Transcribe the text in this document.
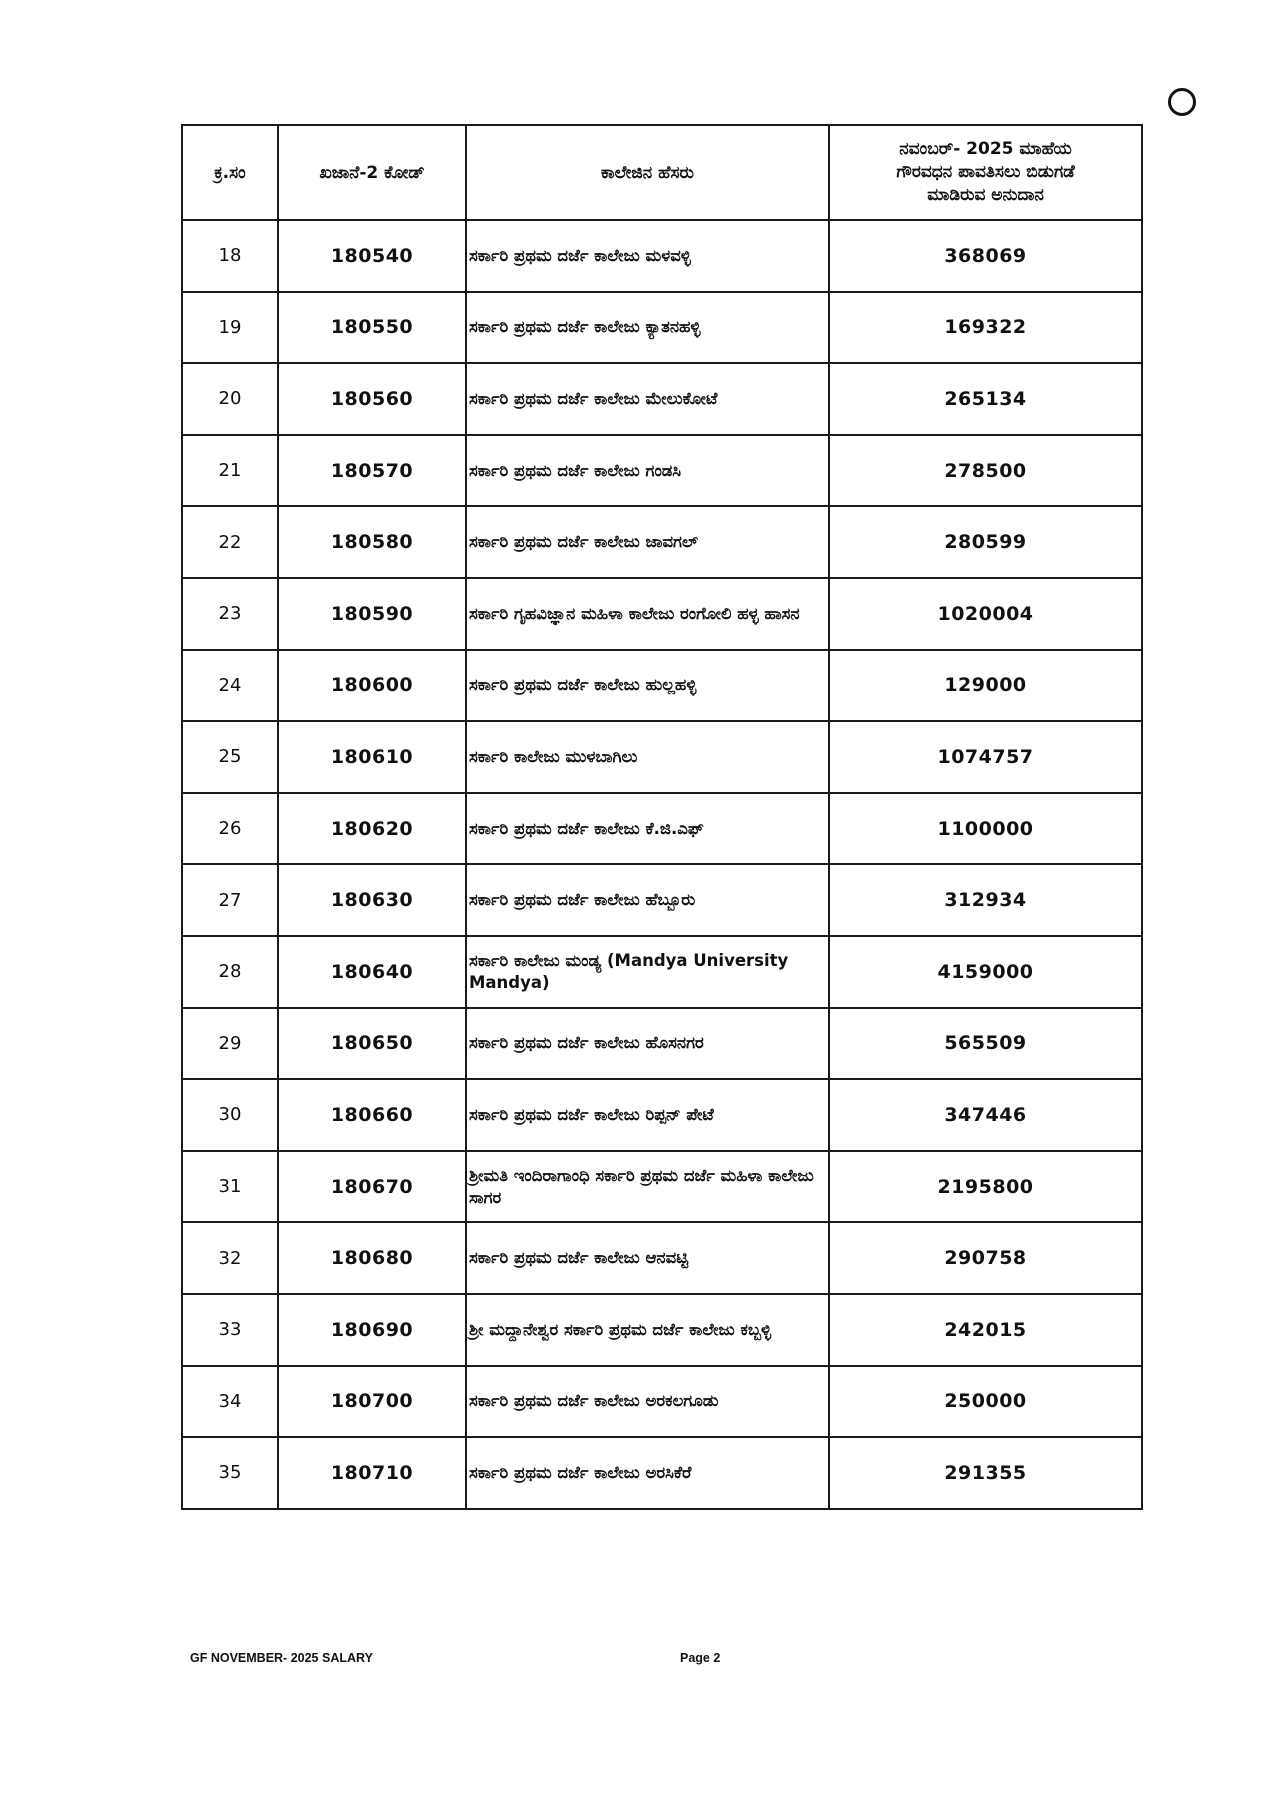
ಕ್ರ.ಸಂ	ಖಜಾನೆ-2 ಕೋಡ್	ಕಾಲೇಜಿನ ಹೆಸರು	ನವಂಬರ್- 2025 ಮಾಹೆಯ
ಗೌರವಧನ ಪಾವತಿಸಲು ಬಿಡುಗಡೆ
ಮಾಡಿರುವ ಅನುದಾನ

18	180540	ಸರ್ಕಾರಿ ಪ್ರಥಮ ದರ್ಜೆ ಕಾಲೇಜು ಮಳವಳ್ಳಿ	368069
19	180550	ಸರ್ಕಾರಿ ಪ್ರಥಮ ದರ್ಜೆ ಕಾಲೇಜು ಕ್ಯಾತನಹಳ್ಳಿ	169322
20	180560	ಸರ್ಕಾರಿ ಪ್ರಥಮ ದರ್ಜೆ ಕಾಲೇಜು ಮೇಲುಕೋಟೆ	265134
21	180570	ಸರ್ಕಾರಿ ಪ್ರಥಮ ದರ್ಜೆ ಕಾಲೇಜು ಗಂಡಸಿ	278500
22	180580	ಸರ್ಕಾರಿ ಪ್ರಥಮ ದರ್ಜೆ ಕಾಲೇಜು ಜಾವಗಲ್	280599
23	180590	ಸರ್ಕಾರಿ ಗೃಹವಿಜ್ಞಾನ ಮಹಿಳಾ ಕಾಲೇಜು ರಂಗೋಲಿ ಹಳ್ಳ ಹಾಸನ	1020004
24	180600	ಸರ್ಕಾರಿ ಪ್ರಥಮ ದರ್ಜೆ ಕಾಲೇಜು ಹುಲ್ಲಹಳ್ಳಿ	129000
25	180610	ಸರ್ಕಾರಿ ಕಾಲೇಜು ಮುಳಬಾಗಿಲು	1074757
26	180620	ಸರ್ಕಾರಿ ಪ್ರಥಮ ದರ್ಜೆ ಕಾಲೇಜು ಕೆ.ಜಿ.ಎಫ್	1100000
27	180630	ಸರ್ಕಾರಿ ಪ್ರಥಮ ದರ್ಜೆ ಕಾಲೇಜು ಹೆಬ್ಬೂರು	312934
28	180640	ಸರ್ಕಾರಿ ಕಾಲೇಜು ಮಂಡ್ಯ (Mandya University Mandya)	4159000
29	180650	ಸರ್ಕಾರಿ ಪ್ರಥಮ ದರ್ಜೆ ಕಾಲೇಜು ಹೊಸನಗರ	565509
30	180660	ಸರ್ಕಾರಿ ಪ್ರಥಮ ದರ್ಜೆ ಕಾಲೇಜು ರಿಪ್ಪನ್ ಪೇಟೆ	347446
31	180670	ಶ್ರೀಮತಿ ಇಂದಿರಾಗಾಂಧಿ ಸರ್ಕಾರಿ ಪ್ರಥಮ ದರ್ಜೆ ಮಹಿಳಾ ಕಾಲೇಜು ಸಾಗರ	2195800
32	180680	ಸರ್ಕಾರಿ ಪ್ರಥಮ ದರ್ಜೆ ಕಾಲೇಜು ಆನವಟ್ಟಿ	290758
33	180690	ಶ್ರೀ ಮದ್ದಾನೇಶ್ವರ ಸರ್ಕಾರಿ ಪ್ರಥಮ ದರ್ಜೆ ಕಾಲೇಜು ಕಬ್ಬಳ್ಳಿ	242015
34	180700	ಸರ್ಕಾರಿ ಪ್ರಥಮ ದರ್ಜೆ ಕಾಲೇಜು ಅರಕಲಗೂಡು	250000
35	180710	ಸರ್ಕಾರಿ ಪ್ರಥಮ ದರ್ಜೆ ಕಾಲೇಜು ಅರಸಿಕೆರೆ	291355
GF NOVEMBER- 2025 SALARY	Page 2
